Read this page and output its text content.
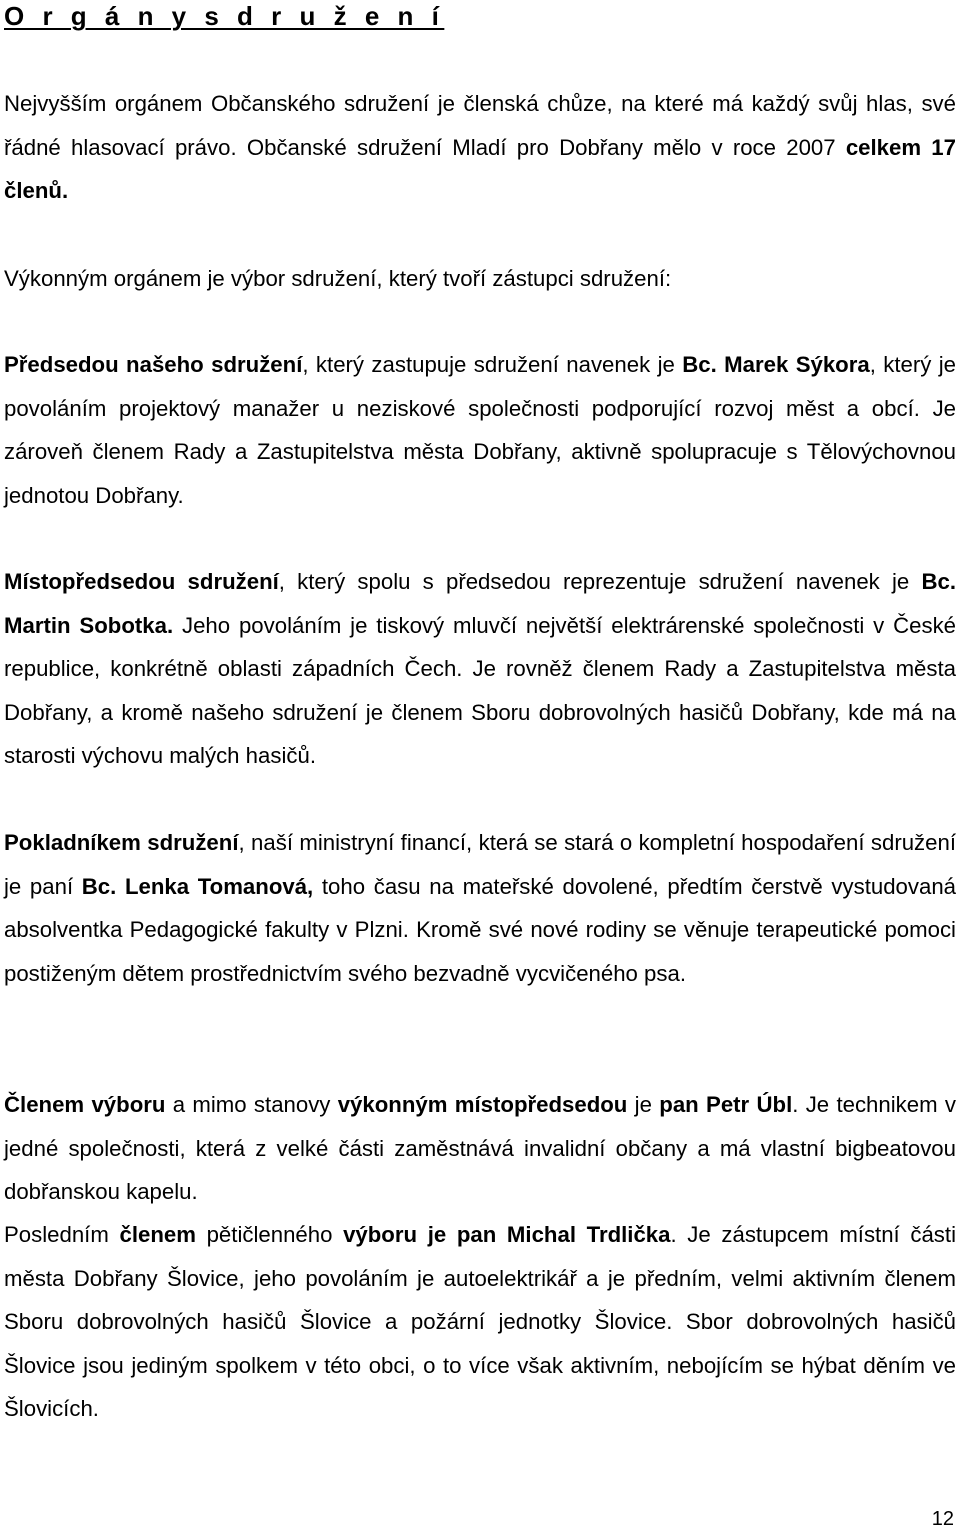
O r g á n y s d r u ž e n í

Nejvyšším orgánem Občanského sdružení je členská chůze, na které má každý svůj hlas, své řádné hlasovací právo. Občanské sdružení Mladí pro Dobřany mělo v roce 2007 celkem 17 členů.

Výkonným orgánem je výbor sdružení, který tvoří zástupci sdružení:

Předsedou našeho sdružení, který zastupuje sdružení navenek je Bc. Marek Sýkora, který je povoláním projektový manažer u neziskové společnosti podporující rozvoj měst a obcí. Je zároveň členem Rady a Zastupitelstva města Dobřany, aktivně spolupracuje s Tělovýchovnou jednotou Dobřany.

Místopředsedou sdružení, který spolu s předsedou reprezentuje sdružení navenek je Bc. Martin Sobotka. Jeho povoláním je tiskový mluvčí největší elektrárenské společnosti v České republice, konkrétně oblasti západních Čech. Je rovněž členem Rady a Zastupitelstva města Dobřany, a kromě našeho sdružení je členem Sboru dobrovolných hasičů Dobřany, kde má na starosti výchovu malých hasičů.

Pokladníkem sdružení, naší ministryní financí, která se stará o kompletní hospodaření sdružení je paní Bc. Lenka Tomanová, toho času na mateřské dovolené, předtím čerstvě vystudovaná absolventka Pedagogické fakulty v Plzni. Kromě své nové rodiny se věnuje terapeutické pomoci postiženým dětem prostřednictvím svého bezvadně vycvičeného psa.

Členem výboru a mimo stanovy výkonným místopředsedou je pan Petr Úbl. Je technikem v jedné společnosti, která z velké části zaměstnává invalidní občany a má vlastní bigbeatovou dobřanskou kapelu.

Posledním členem pětičlenného výboru je pan Michal Trdlička. Je zástupcem místní části města Dobřany Šlovice, jeho povoláním je autoelektrikář a je předním, velmi aktivním členem Sboru dobrovolných hasičů Šlovice a požární jednotky Šlovice. Sbor dobrovolných hasičů Šlovice jsou jediným spolkem v této obci, o to více však aktivním, nebojícím se hýbat děním ve Šlovicích.

12
